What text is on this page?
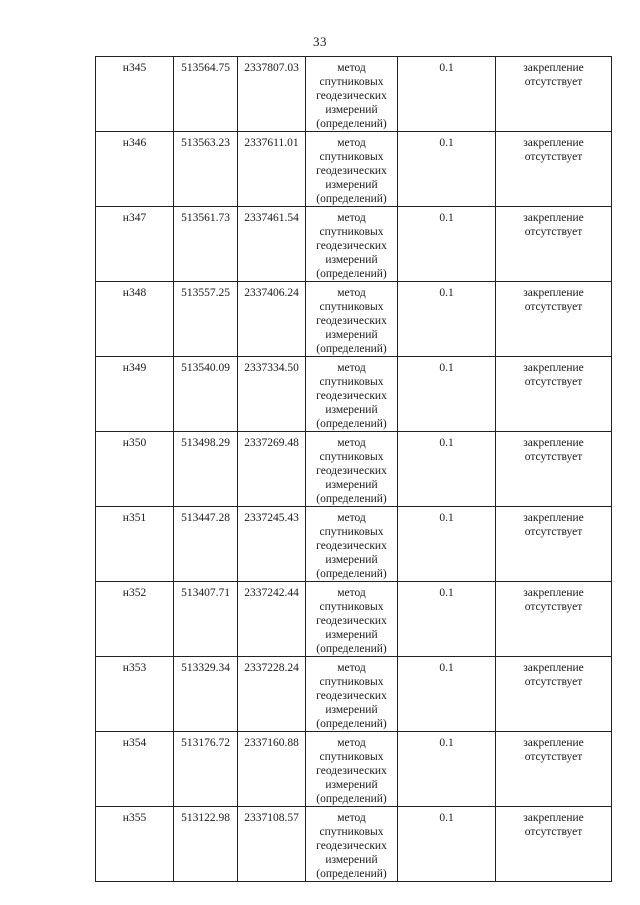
33
н345	513564.75	2337807.03	метод спутниковых геодезических измерений (определений)	0.1	закрепление отсутствует
н346	513563.23	2337611.01	метод спутниковых геодезических измерений (определений)	0.1	закрепление отсутствует
н347	513561.73	2337461.54	метод спутниковых геодезических измерений (определений)	0.1	закрепление отсутствует
н348	513557.25	2337406.24	метод спутниковых геодезических измерений (определений)	0.1	закрепление отсутствует
н349	513540.09	2337334.50	метод спутниковых геодезических измерений (определений)	0.1	закрепление отсутствует
н350	513498.29	2337269.48	метод спутниковых геодезических измерений (определений)	0.1	закрепление отсутствует
н351	513447.28	2337245.43	метод спутниковых геодезических измерений (определений)	0.1	закрепление отсутствует
н352	513407.71	2337242.44	метод спутниковых геодезических измерений (определений)	0.1	закрепление отсутствует
н353	513329.34	2337228.24	метод спутниковых геодезических измерений (определений)	0.1	закрепление отсутствует
н354	513176.72	2337160.88	метод спутниковых геодезических измерений (определений)	0.1	закрепление отсутствует
н355	513122.98	2337108.57	метод спутниковых геодезических измерений (определений)	0.1	закрепление отсутствует
